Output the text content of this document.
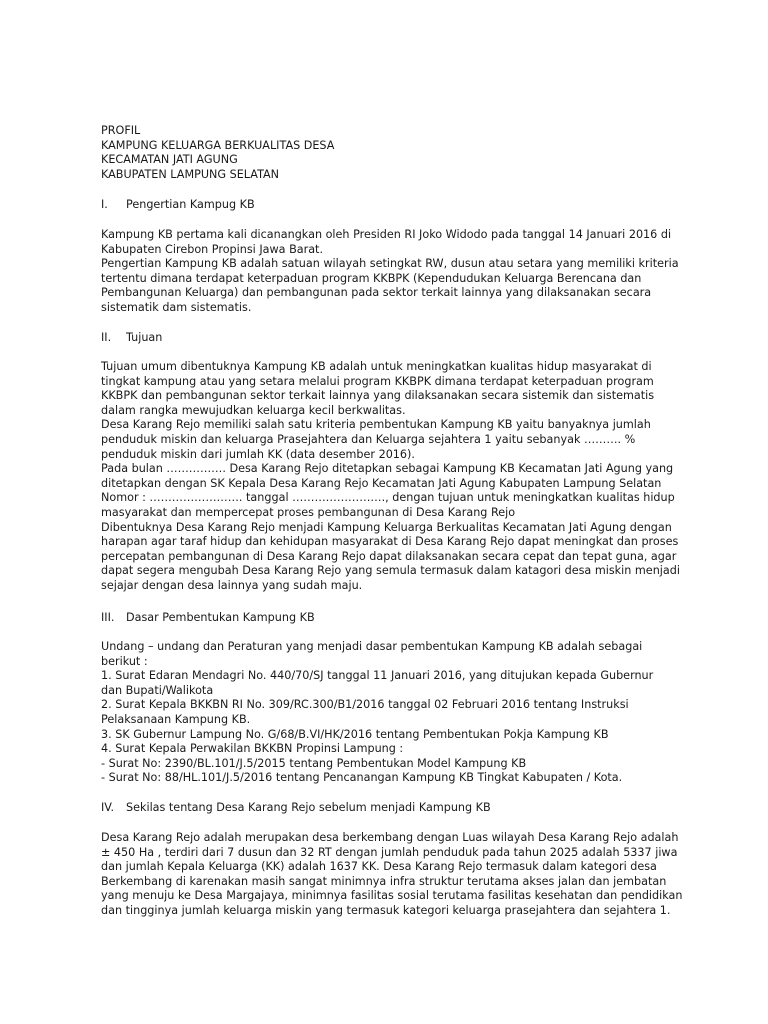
PROFIL
KAMPUNG KELUARGA BERKUALITAS DESA
KECAMATAN JATI AGUNG
KABUPATEN LAMPUNG SELATAN
I. Pengertian Kampug KB
Kampung KB pertama kali dicanangkan oleh Presiden RI Joko Widodo pada tanggal 14 Januari 2016 di
Kabupaten Cirebon Propinsi Jawa Barat.
Pengertian Kampung KB adalah satuan wilayah setingkat RW, dusun atau setara yang memiliki kriteria
tertentu dimana terdapat keterpaduan program KKBPK (Kependudukan Keluarga Berencana dan
Pembangunan Keluarga) dan pembangunan pada sektor terkait lainnya yang dilaksanakan secara
sistematik dam sistematis.
II. Tujuan
Tujuan umum dibentuknya Kampung KB adalah untuk meningkatkan kualitas hidup masyarakat di
tingkat kampung atau yang setara melalui program KKBPK dimana terdapat keterpaduan program
KKBPK dan pembangunan sektor terkait lainnya yang dilaksanakan secara sistemik dan sistematis
dalam rangka mewujudkan keluarga kecil berkwalitas.
Desa Karang Rejo memiliki salah satu kriteria pembentukan Kampung KB yaitu banyaknya jumlah
penduduk miskin dan keluarga Prasejahtera dan Keluarga sejahtera 1 yaitu sebanyak ………. %
penduduk miskin dari jumlah KK (data desember 2016).
Pada bulan ……………. Desa Karang Rejo ditetapkan sebagai Kampung KB Kecamatan Jati Agung yang
ditetapkan dengan SK Kepala Desa Karang Rejo Kecamatan Jati Agung Kabupaten Lampung Selatan
Nomor : ……………………. tanggal ……………………., dengan tujuan untuk meningkatkan kualitas hidup
masyarakat dan mempercepat proses pembangunan di Desa Karang Rejo
Dibentuknya Desa Karang Rejo menjadi Kampung Keluarga Berkualitas Kecamatan Jati Agung dengan
harapan agar taraf hidup dan kehidupan masyarakat di Desa Karang Rejo dapat meningkat dan proses
percepatan pembangunan di Desa Karang Rejo dapat dilaksanakan secara cepat dan tepat guna, agar
dapat segera mengubah Desa Karang Rejo yang semula termasuk dalam katagori desa miskin menjadi
sejajar dengan desa lainnya yang sudah maju.
III. Dasar Pembentukan Kampung KB
Undang – undang dan Peraturan yang menjadi dasar pembentukan Kampung KB adalah sebagai
berikut :
1. Surat Edaran Mendagri No. 440/70/SJ tanggal 11 Januari 2016, yang ditujukan kepada Gubernur
dan Bupati/Walikota
2. Surat Kepala BKKBN RI No. 309/RC.300/B1/2016 tanggal 02 Februari 2016 tentang Instruksi
Pelaksanaan Kampung KB.
3. SK Gubernur Lampung No. G/68/B.VI/HK/2016 tentang Pembentukan Pokja Kampung KB
4. Surat Kepala Perwakilan BKKBN Propinsi Lampung :
- Surat No: 2390/BL.101/J.5/2015 tentang Pembentukan Model Kampung KB
- Surat No: 88/HL.101/J.5/2016 tentang Pencanangan Kampung KB Tingkat Kabupaten / Kota.
IV. Sekilas tentang Desa Karang Rejo sebelum menjadi Kampung KB
Desa Karang Rejo adalah merupakan desa berkembang dengan Luas wilayah Desa Karang Rejo adalah
± 450 Ha , terdiri dari 7 dusun dan 32 RT dengan jumlah penduduk pada tahun 2025 adalah 5337 jiwa
dan jumlah Kepala Keluarga (KK) adalah 1637 KK. Desa Karang Rejo termasuk dalam kategori desa
Berkembang di karenakan masih sangat minimnya infra struktur terutama akses jalan dan jembatan
yang menuju ke Desa Margajaya, minimnya fasilitas sosial terutama fasilitas kesehatan dan pendidikan
dan tingginya jumlah keluarga miskin yang termasuk kategori keluarga prasejahtera dan sejahtera 1.
